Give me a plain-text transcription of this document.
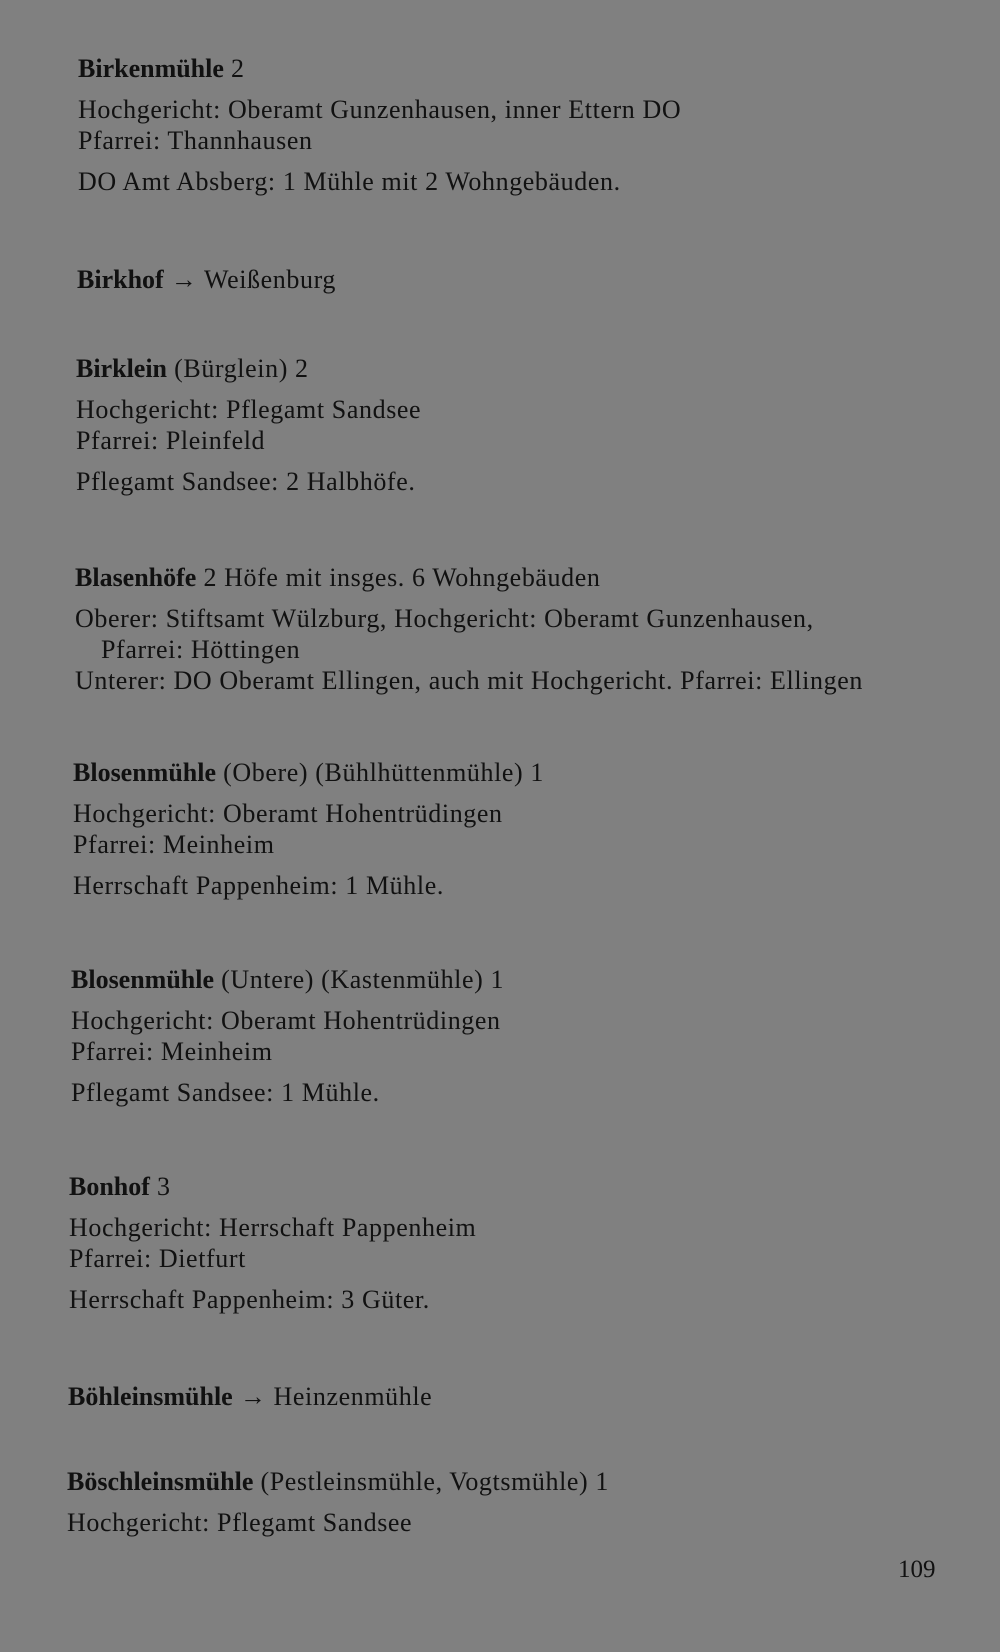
Birkenmühle 2

Hochgericht: Oberamt Gunzenhausen, inner Ettern DO

Pfarrei: Thannhausen

DO Amt Absberg: 1 Mühle mit 2 Wohngebäuden.

Birkhof → Weißenburg

Birklein (Bürglein) 2

Hochgericht: Pflegamt Sandsee

Pfarrei: Pleinfeld

Pflegamt Sandsee: 2 Halbhöfe.

Blasenhöfe 2 Höfe mit insges. 6 Wohngebäuden

Oberer: Stiftsamt Wülzburg, Hochgericht: Oberamt Gunzenhausen,

Pfarrei: Höttingen

Unterer: DO Oberamt Ellingen, auch mit Hochgericht. Pfarrei: Ellingen

Blosenmühle (Obere) (Bühlhüttenmühle) 1

Hochgericht: Oberamt Hohentrüdingen

Pfarrei: Meinheim

Herrschaft Pappenheim: 1 Mühle.

Blosenmühle (Untere) (Kastenmühle) 1

Hochgericht: Oberamt Hohentrüdingen

Pfarrei: Meinheim

Pflegamt Sandsee: 1 Mühle.

Bonhof 3

Hochgericht: Herrschaft Pappenheim

Pfarrei: Dietfurt

Herrschaft Pappenheim: 3 Güter.

Böhleinsmühle → Heinzenmühle

Böschleinsmühle (Pestleinsmühle, Vogtsmühle) 1

Hochgericht: Pflegamt Sandsee

109
